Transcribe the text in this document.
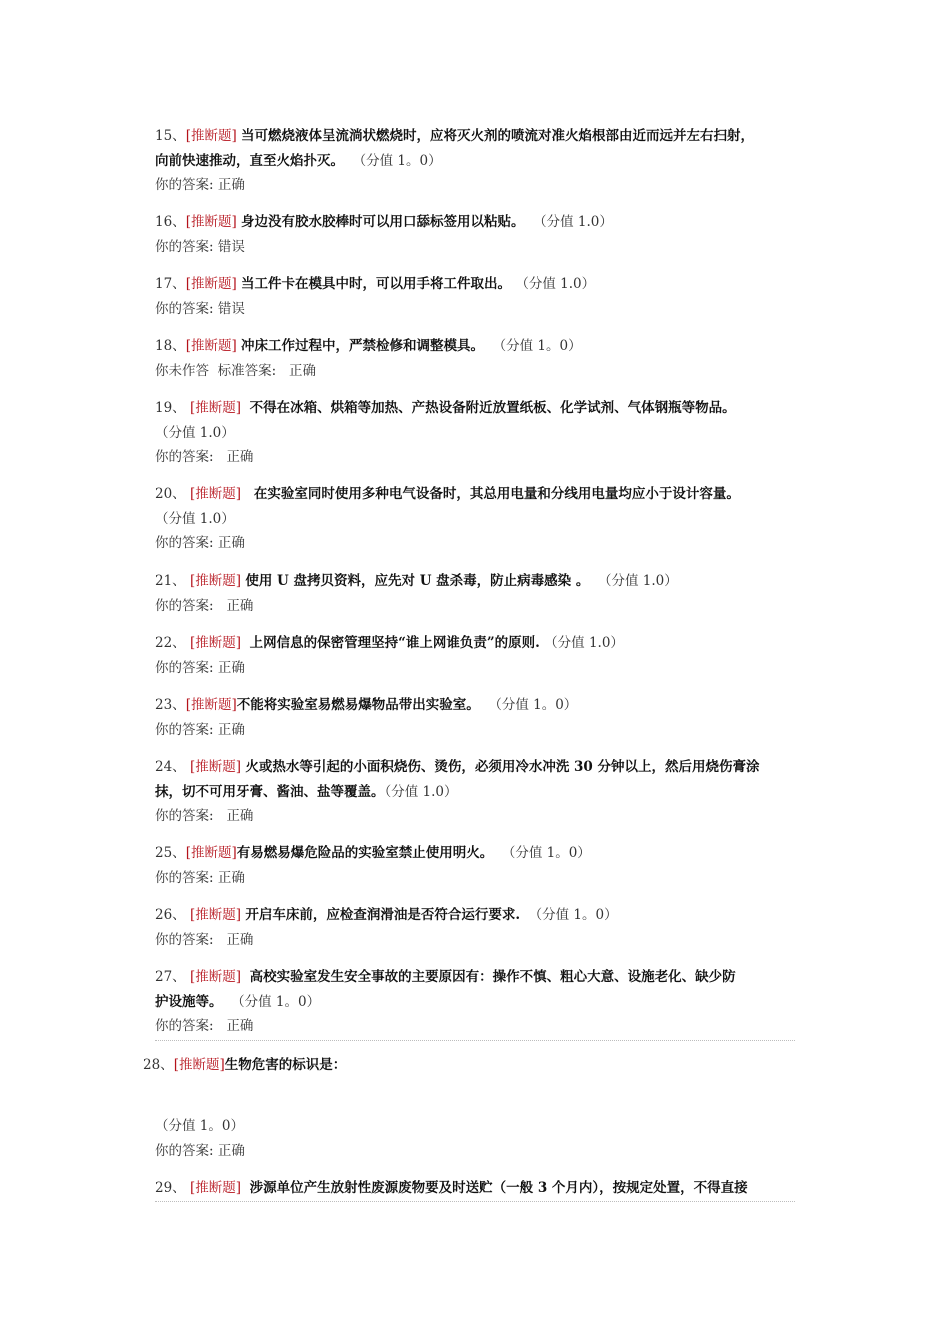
15、[推断题] 当可燃烧液体呈流淌状燃烧时，应将灭火剂的喷流对准火焰根部由近而远并左右扫射，
向前快速推动，直至火焰扑灭。 （分值 1。0）
你的答案: 正确
16、[推断题] 身边没有胶水胶棒时可以用口舔标签用以粘贴。 （分值 1.0）
你的答案: 错误
17、[推断题] 当工件卡在模具中时，可以用手将工件取出。 （分值 1.0）
你的答案: 错误
18、[推断题] 冲床工作过程中，严禁检修和调整模具。 （分值 1。0）
你未作答 标准答案: 正确
19、 [推断题] 不得在冰箱、烘箱等加热、产热设备附近放置纸板、化学试剂、气体钢瓶等物品。
（分值 1.0）
你的答案: 正确
20、 [推断题] 在实验室同时使用多种电气设备时，其总用电量和分线用电量均应小于设计容量。
（分值 1.0）
你的答案: 正确
21、 [推断题] 使用 U 盘拷贝资料，应先对 U 盘杀毒，防止病毒感染 。 （分值 1.0）
你的答案: 正确
22、 [推断题] 上网信息的保密管理坚持“谁上网谁负责”的原则. （分值 1.0）
你的答案: 正确
23、[推断题]不能将实验室易燃易爆物品带出实验室。 （分值 1。0）
你的答案: 正确
24、 [推断题] 火或热水等引起的小面积烧伤、烫伤，必须用冷水冲洗 30 分钟以上，然后用烧伤膏涂
抹，切不可用牙膏、酱油、盐等覆盖。（分值 1.0）
你的答案: 正确
25、[推断题]有易燃易爆危险品的实验室禁止使用明火。 （分值 1。0）
你的答案: 正确
26、 [推断题] 开启车床前，应检查润滑油是否符合运行要求. （分值 1。0）
你的答案: 正确
27、 [推断题] 高校实验室发生安全事故的主要原因有：操作不慎、粗心大意、设施老化、缺少防
护设施等。 （分值 1。0）
你的答案: 正确
28、[推断题]生物危害的标识是：
（分值 1。0）
你的答案: 正确
29、 [推断题] 涉源单位产生放射性废源废物要及时送贮（一般 3 个月内），按规定处置，不得直接
